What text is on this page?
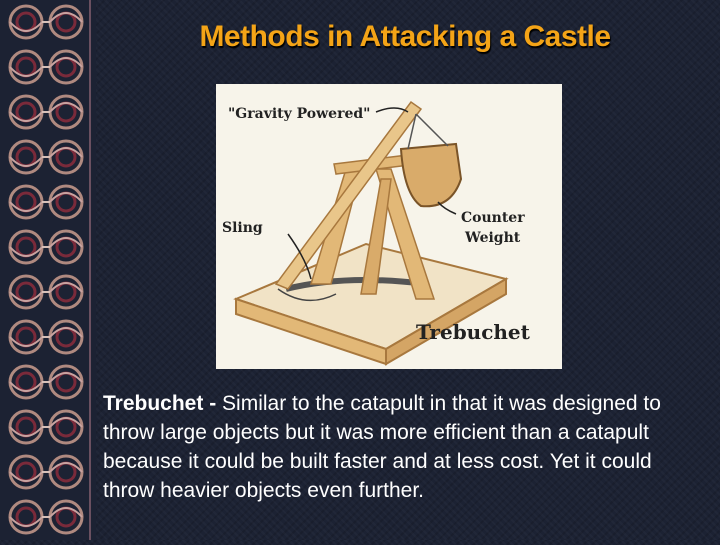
Methods in Attacking a Castle
"Gravity Powered"
Counter
Weight
Sling
Trebuchet
Trebuchet - Similar to the catapult in that it was designed to throw large objects but it was more efficient than a catapult because it could be built faster and at less cost. Yet it could throw heavier objects even further.
